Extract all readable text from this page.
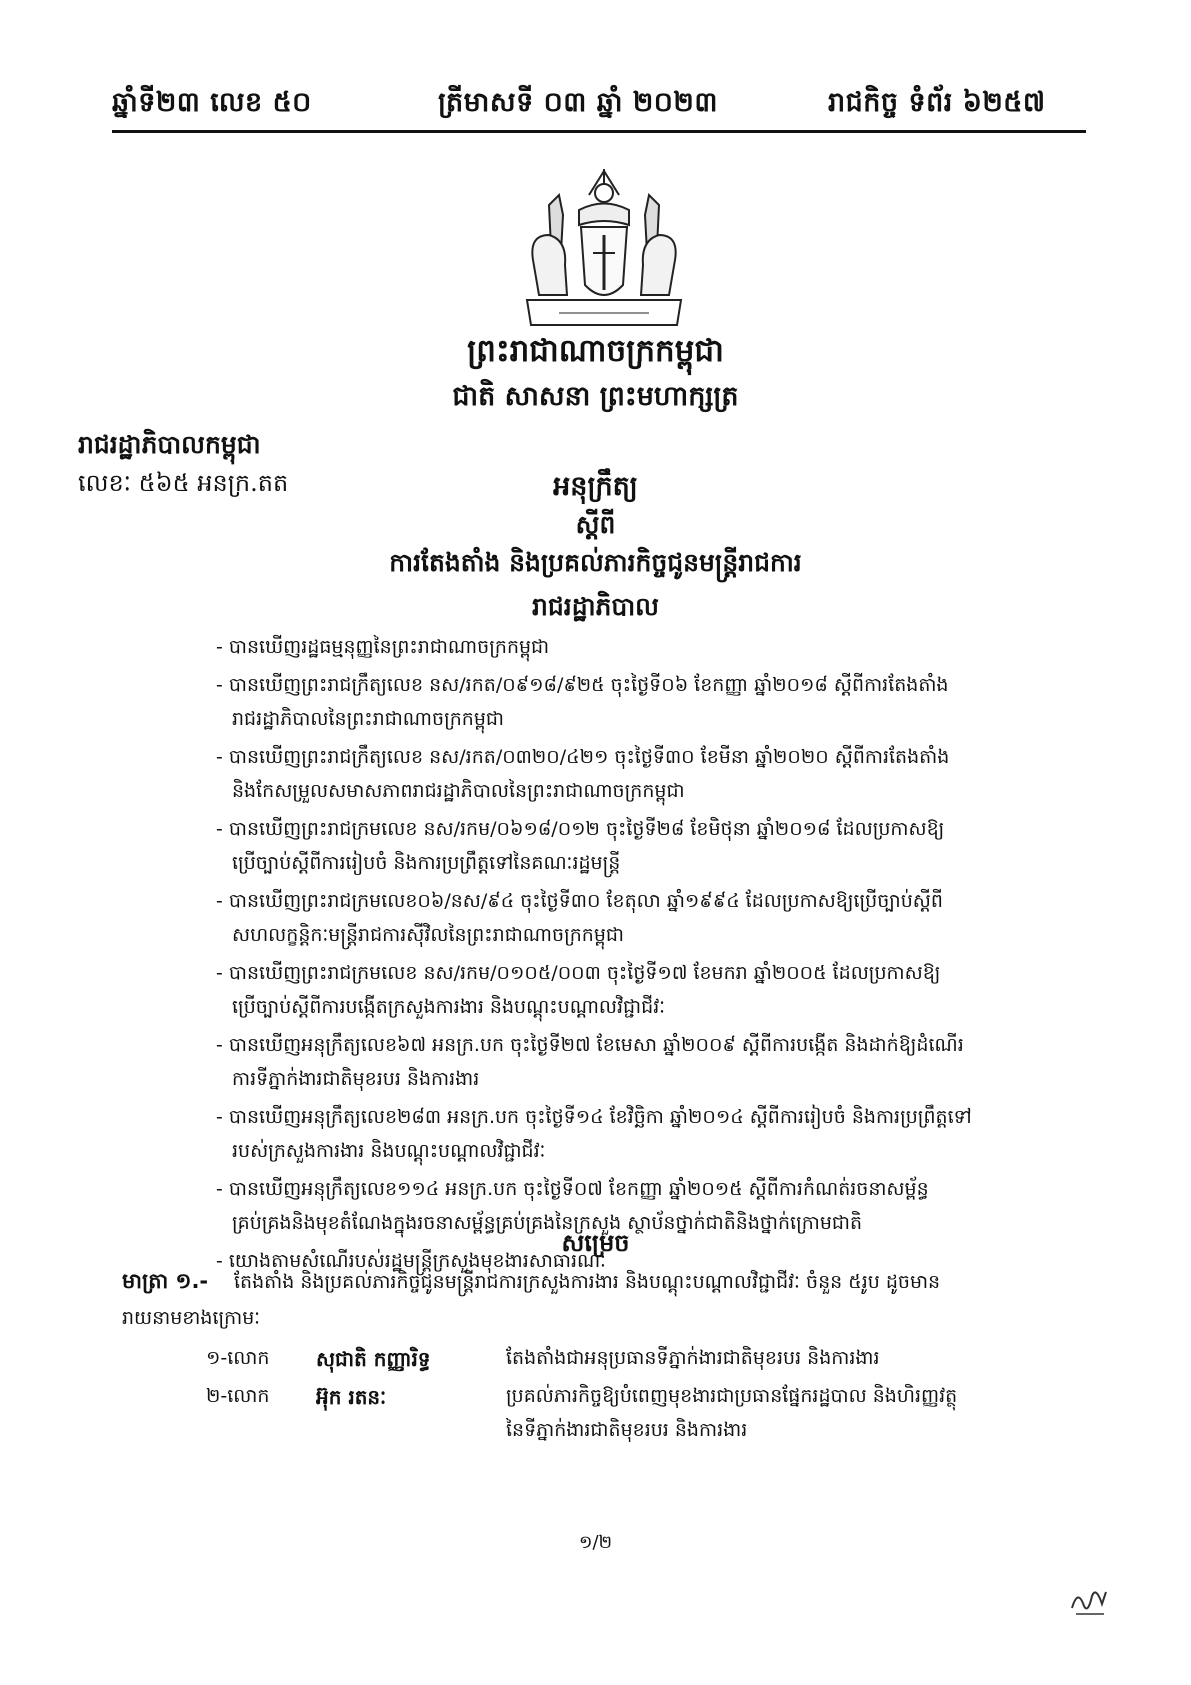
ឆ្នាំទី២៣ លេខ ៥០	ត្រីមាសទី ០៣ ឆ្នាំ ២០២៣	រាជកិច្ច ទំព័រ ៦២៥៧
ព្រះរាជាណាចក្រកម្ពុជា
ជាតិ សាសនា ព្រះមហាក្សត្រ
រាជរដ្ឋាភិបាលកម្ពុជា
លេខៈ ៥៦៥ អនក្រ.តត	អនុក្រឹត្យ
ស្តីពី
ការតែងតាំង និងប្រគល់ភារកិច្ចជូនមន្ត្រីរាជការ
រាជរដ្ឋាភិបាល
- បានឃើញរដ្ឋធម្មនុញ្ញនៃព្រះរាជាណាចក្រកម្ពុជា
- បានឃើញព្រះរាជក្រឹត្យលេខ នស/រកត/០៩១៨/៩២៥ ចុះថ្ងៃទី០៦ ខែកញ្ញា ឆ្នាំ២០១៨ ស្តីពីការតែងតាំង
រាជរដ្ឋាភិបាលនៃព្រះរាជាណាចក្រកម្ពុជា
- បានឃើញព្រះរាជក្រឹត្យលេខ នស/រកត/០៣២០/៤២១ ចុះថ្ងៃទី៣០ ខែមីនា ឆ្នាំ២០២០ ស្តីពីការតែងតាំង
និងកែសម្រួលសមាសភាពរាជរដ្ឋាភិបាលនៃព្រះរាជាណាចក្រកម្ពុជា
- បានឃើញព្រះរាជក្រមលេខ នស/រកម/០៦១៨/០១២ ចុះថ្ងៃទី២៨ ខែមិថុនា ឆ្នាំ២០១៨ ដែលប្រកាសឱ្យ
ប្រើច្បាប់ស្តីពីការរៀបចំ និងការប្រព្រឹត្តទៅនៃគណៈរដ្ឋមន្ត្រី
- បានឃើញព្រះរាជក្រមលេខ០៦/នស/៩៤ ចុះថ្ងៃទី៣០ ខែតុលា ឆ្នាំ១៩៩៤ ដែលប្រកាសឱ្យប្រើច្បាប់ស្តីពី
សហលក្ខន្តិកៈមន្ត្រីរាជការស៊ីវិលនៃព្រះរាជាណាចក្រកម្ពុជា
- បានឃើញព្រះរាជក្រមលេខ នស/រកម/០១០៥/០០៣ ចុះថ្ងៃទី១៧ ខែមករា ឆ្នាំ២០០៥ ដែលប្រកាសឱ្យ
ប្រើច្បាប់ស្តីពីការបង្កើតក្រសួងការងារ និងបណ្តុះបណ្តាលវិជ្ជាជីវៈ
- បានឃើញអនុក្រឹត្យលេខ៦៧ អនក្រ.បក ចុះថ្ងៃទី២៧ ខែមេសា ឆ្នាំ២០០៩ ស្តីពីការបង្កើត និងដាក់ឱ្យដំណើរ
ការទីភ្នាក់ងារជាតិមុខរបរ និងការងារ
- បានឃើញអនុក្រឹត្យលេខ២៨៣ អនក្រ.បក ចុះថ្ងៃទី១៤ ខែវិច្ឆិកា ឆ្នាំ២០១៤ ស្តីពីការរៀបចំ និងការប្រព្រឹត្តទៅ
របស់ក្រសួងការងារ និងបណ្តុះបណ្តាលវិជ្ជាជីវៈ
- បានឃើញអនុក្រឹត្យលេខ១១៤ អនក្រ.បក ចុះថ្ងៃទី០៧ ខែកញ្ញា ឆ្នាំ២០១៥ ស្តីពីការកំណត់រចនាសម្ព័ន្ធ
គ្រប់គ្រងនិងមុខតំណែងក្នុងរចនាសម្ព័ន្ធគ្រប់គ្រងនៃក្រសួង ស្ថាប័នថ្នាក់ជាតិនិងថ្នាក់ក្រោមជាតិ
- យោងតាមសំណើរបស់រដ្ឋមន្ត្រីក្រសួងមុខងារសាធារណៈ
សម្រេច
មាត្រា ១.- តែងតាំង និងប្រគល់ភារកិច្ចជូនមន្ត្រីរាជការក្រសួងការងារ និងបណ្តុះបណ្តាលវិជ្ជាជីវៈ ចំនួន ៥រូប ដូចមាន
រាយនាមខាងក្រោមៈ
១-លោក សុជាតិ កញ្ញារិទ្ធ	តែងតាំងជាអនុប្រធានទីភ្នាក់ងារជាតិមុខរបរ និងការងារ
២-លោក អ៊ុក រតនៈ	ប្រគល់ភារកិច្ចឱ្យបំពេញមុខងារជាប្រធានផ្នែករដ្ឋបាល និងហិរញ្ញវត្ថុ
នៃទីភ្នាក់ងារជាតិមុខរបរ និងការងារ
១/២
